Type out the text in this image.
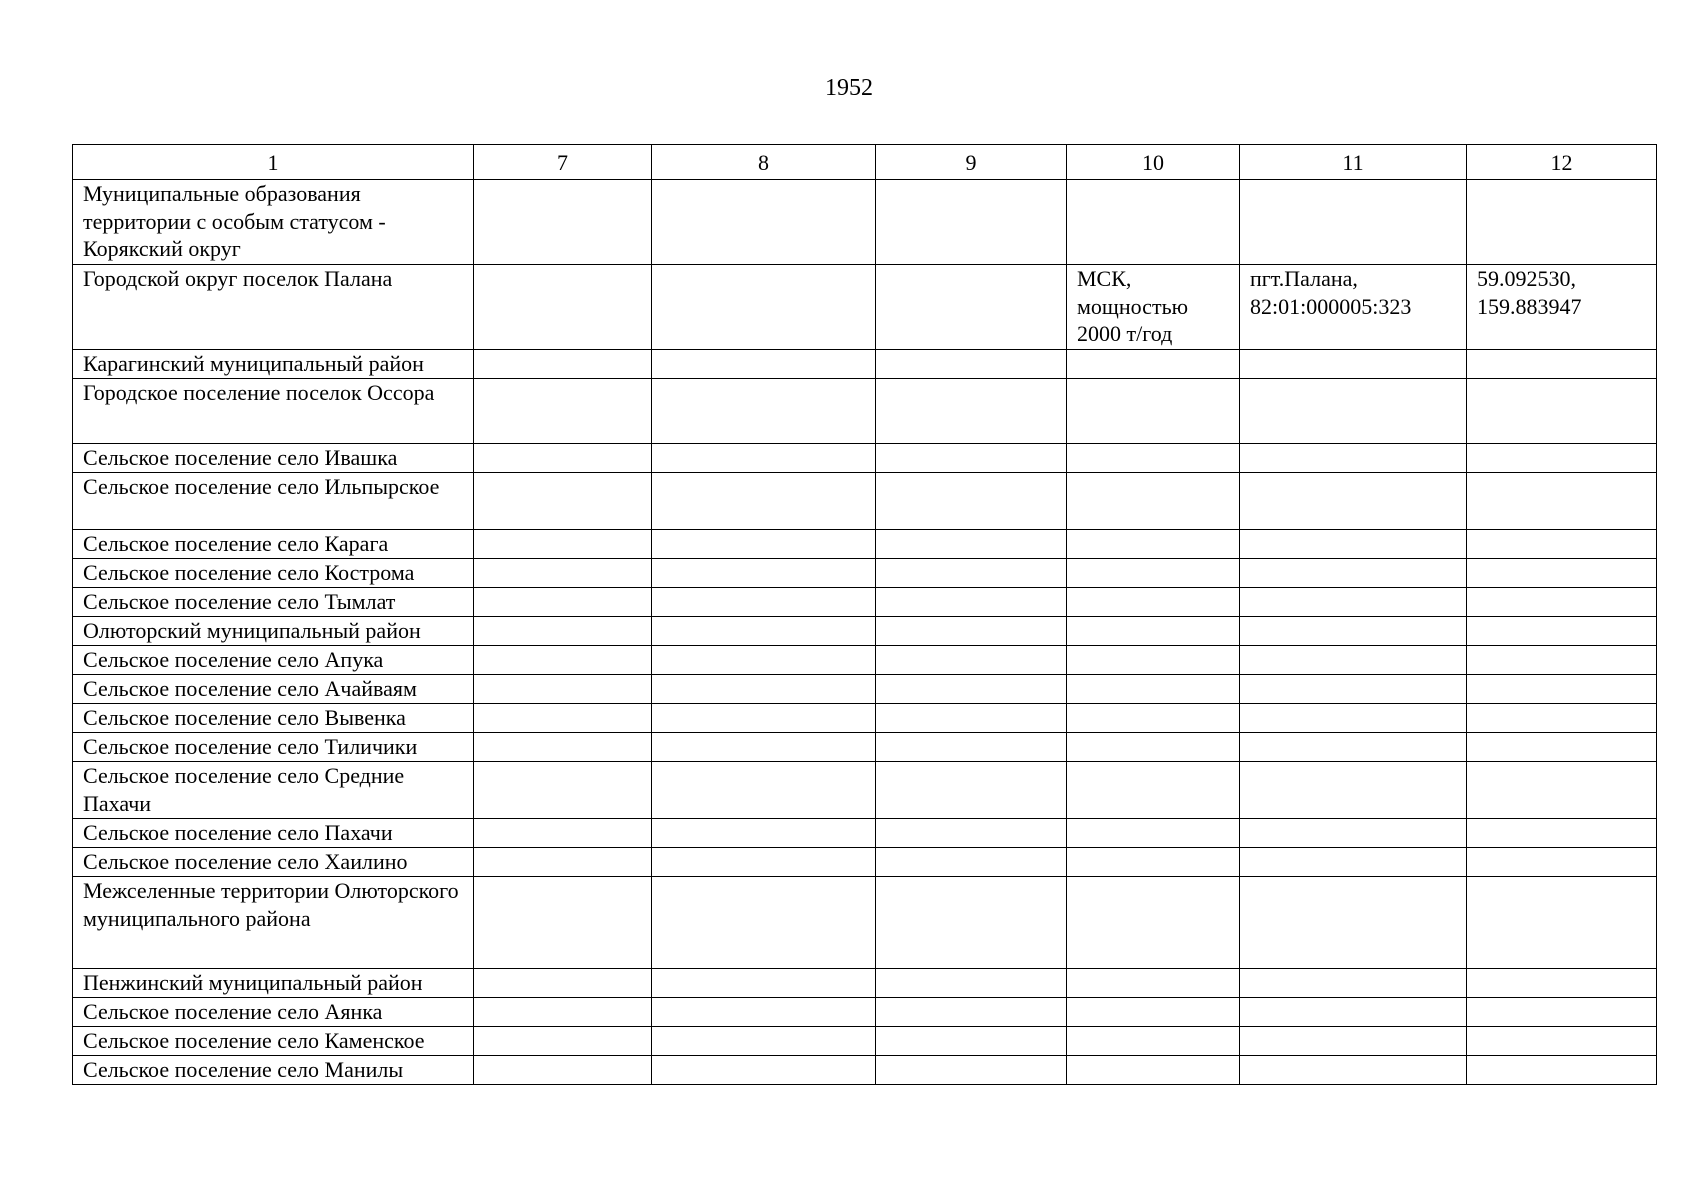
1952
1	7	8	9	10	11	12
Муниципальные образования территории с особым статусом - Корякский округ						
Городской округ поселок Палана				МСК, мощностью 2000 т/год	пгт.Палана, 82:01:000005:323	59.092530, 159.883947
Карагинский муниципальный район						
Городское поселение поселок Оссора						
Сельское поселение село Ивашка						
Сельское поселение село Ильпырское						
Сельское поселение село Карага						
Сельское поселение село Кострома						
Сельское поселение село Тымлат						
Олюторский муниципальный район						
Сельское поселение село Апука						
Сельское поселение село Ачайваям						
Сельское поселение село Вывенка						
Сельское поселение село Тиличики						
Сельское поселение село Средние Пахачи						
Сельское поселение село Пахачи						
Сельское поселение село Хаилино						
Межселенные территории Олюторского муниципального района						
Пенжинский муниципальный район						
Сельское поселение село Аянка						
Сельское поселение село Каменское						
Сельское поселение село Манилы						
